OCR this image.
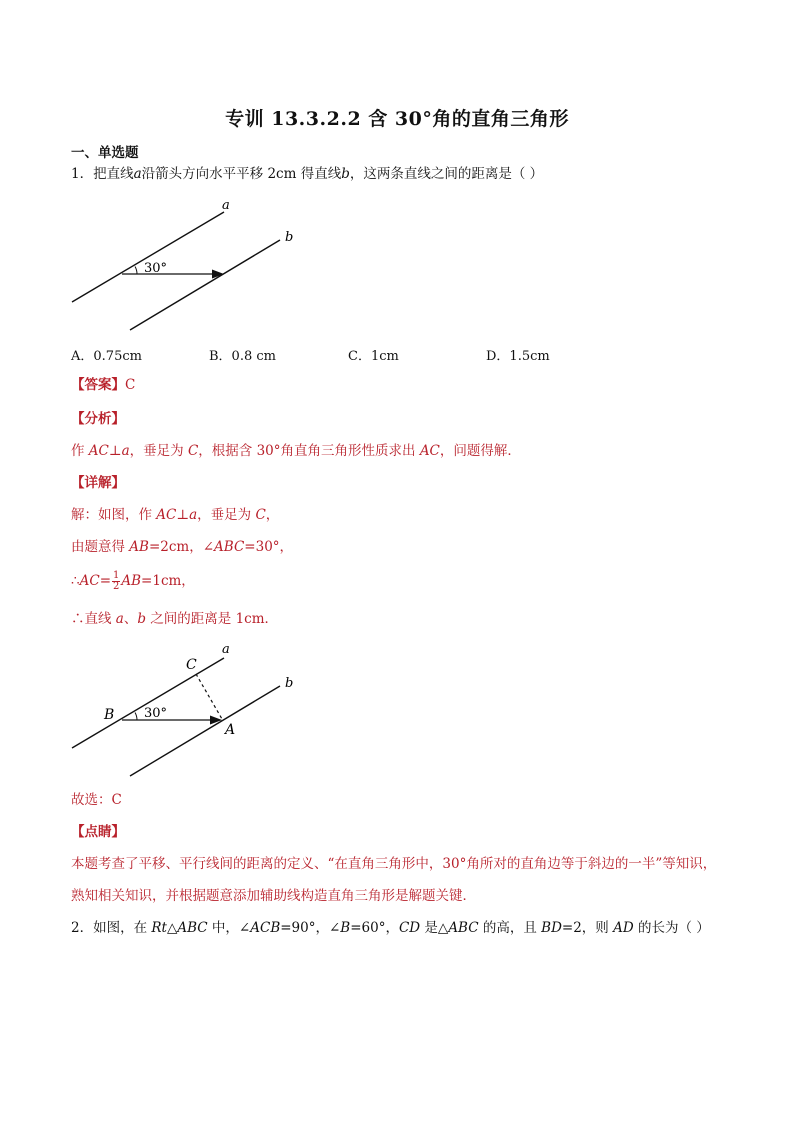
专训 13.3.2.2 含 30°角的直角三角形
一、单选题
1．把直线a沿箭头方向水平平移 2cm 得直线b，这两条直线之间的距离是（ ）
30°
a
b
A．0.75cm	B．0.8 cm	C．1cm	D．1.5cm
【答案】C
【分析】
作 AC⊥a，垂足为 C，根据含 30°角直角三角形性质求出 AC，问题得解．
【详解】
解：如图，作 AC⊥a，垂足为 C，
由题意得 AB=2cm，∠ABC=30°，
∴AC= $\frac{1}{2} AB=1cm$，
∴直线 a、b 之间的距离是 1cm．
30°
a
b
C
B
A
故选：C
【点睛】
本题考查了平移、平行线间的距离的定义、“在直角三角形中，30°角所对的直角边等于斜边的一半”等知识，
熟知相关知识，并根据题意添加辅助线构造直角三角形是解题关键．
2．如图，在 Rt△ABC 中，∠ACB=90°，∠B=60°，CD 是△ABC 的高，且 BD=2，则 AD 的长为（ ）
